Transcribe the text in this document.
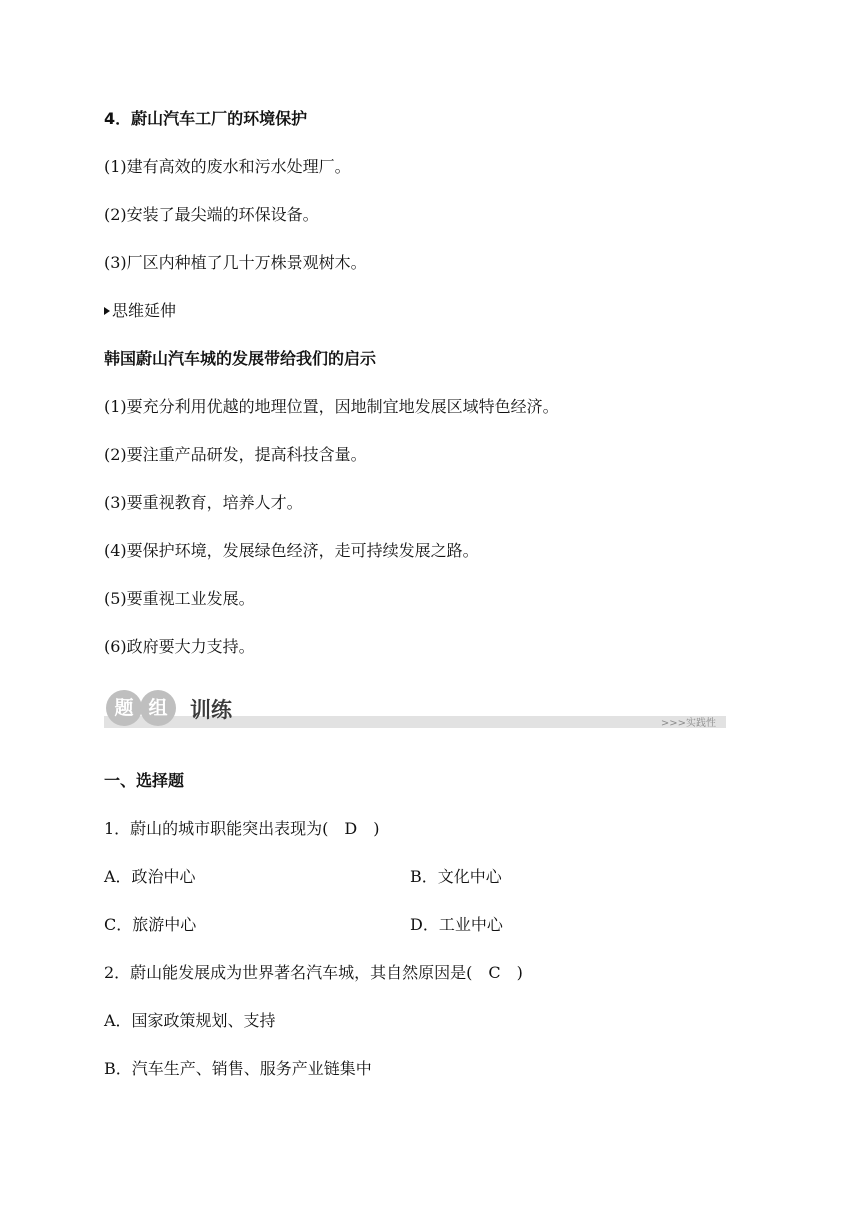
4．蔚山汽车工厂的环境保护
(1)建有高效的废水和污水处理厂。
(2)安装了最尖端的环保设备。
(3)厂区内种植了几十万株景观树木。
思维延伸
韩国蔚山汽车城的发展带给我们的启示
(1)要充分利用优越的地理位置，因地制宜地发展区域特色经济。
(2)要注重产品研发，提高科技含量。
(3)要重视教育，培养人才。
(4)要保护环境，发展绿色经济，走可持续发展之路。
(5)要重视工业发展。
(6)政府要大力支持。
题 组	训练
>>>实践性
一、选择题
1．蔚山的城市职能突出表现为(　D　)
A．政治中心	B．文化中心
C．旅游中心	D．工业中心
2．蔚山能发展成为世界著名汽车城，其自然原因是(　C　)
A．国家政策规划、支持
B．汽车生产、销售、服务产业链集中
